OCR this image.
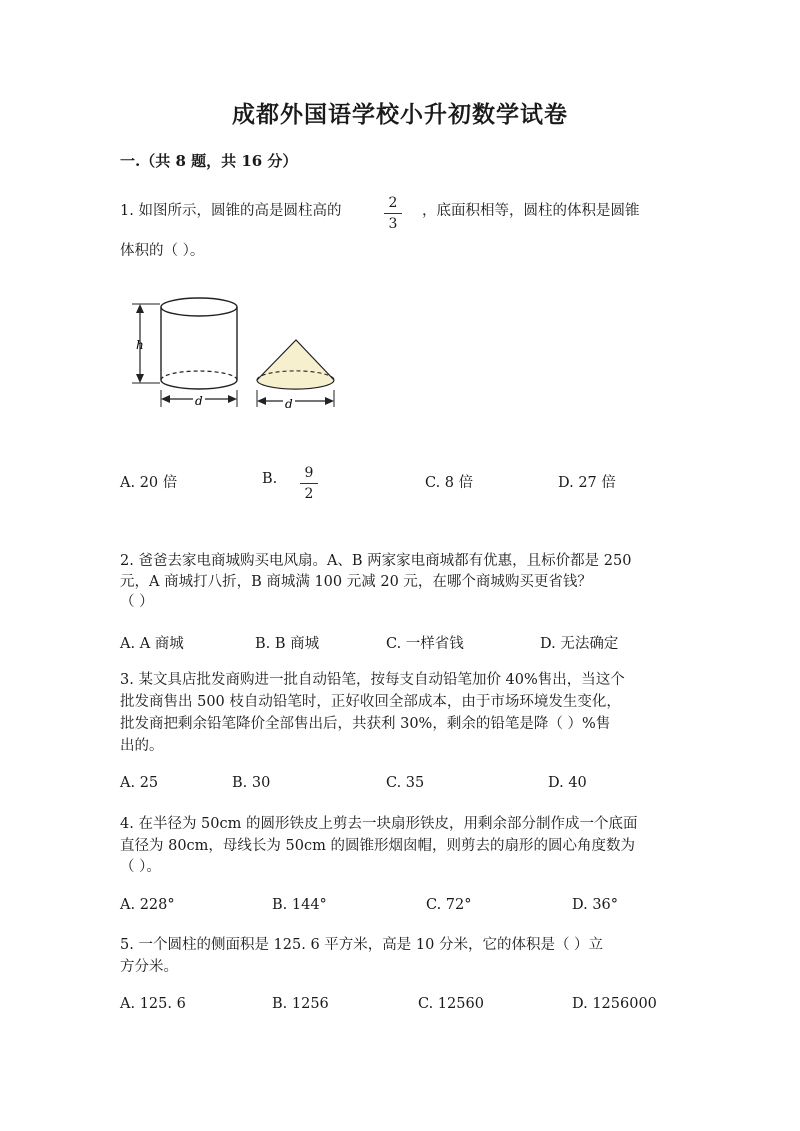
成都外国语学校小升初数学试卷
一.（共 8 题，共 16 分）
1. 如图所示，圆锥的高是圆柱高的	2
3
，底面积相等，圆柱的体积是圆锥
体积的（ ）。
h
d	d
A. 20 倍	B.	9
2
C. 8 倍	D. 27 倍
2. 爸爸去家电商城购买电风扇。A、B 两家家电商城都有优惠，且标价都是 250
元，A 商城打八折，B 商城满 100 元减 20 元，在哪个商城购买更省钱？
（ ）
A. A 商城	B. B 商城	C. 一样省钱	D. 无法确定
3. 某文具店批发商购进一批自动铅笔，按每支自动铅笔加价 40%售出，当这个
批发商售出 500 枝自动铅笔时，正好收回全部成本，由于市场环境发生变化，
批发商把剩余铅笔降价全部售出后，共获利 30%，剩余的铅笔是降（ ）%售
出的。
A. 25	B. 30	C. 35	D. 40
4. 在半径为 50cm 的圆形铁皮上剪去一块扇形铁皮，用剩余部分制作成一个底面
直径为 80cm，母线长为 50cm 的圆锥形烟囱帽，则剪去的扇形的圆心角度数为
（ ）。
A. 228°	B. 144°	C. 72°	D. 36°
5. 一个圆柱的侧面积是 125. 6 平方米，高是 10 分米，它的体积是（ ）立
方分米。
A. 125. 6	B. 1256	C. 12560	D. 1256000
